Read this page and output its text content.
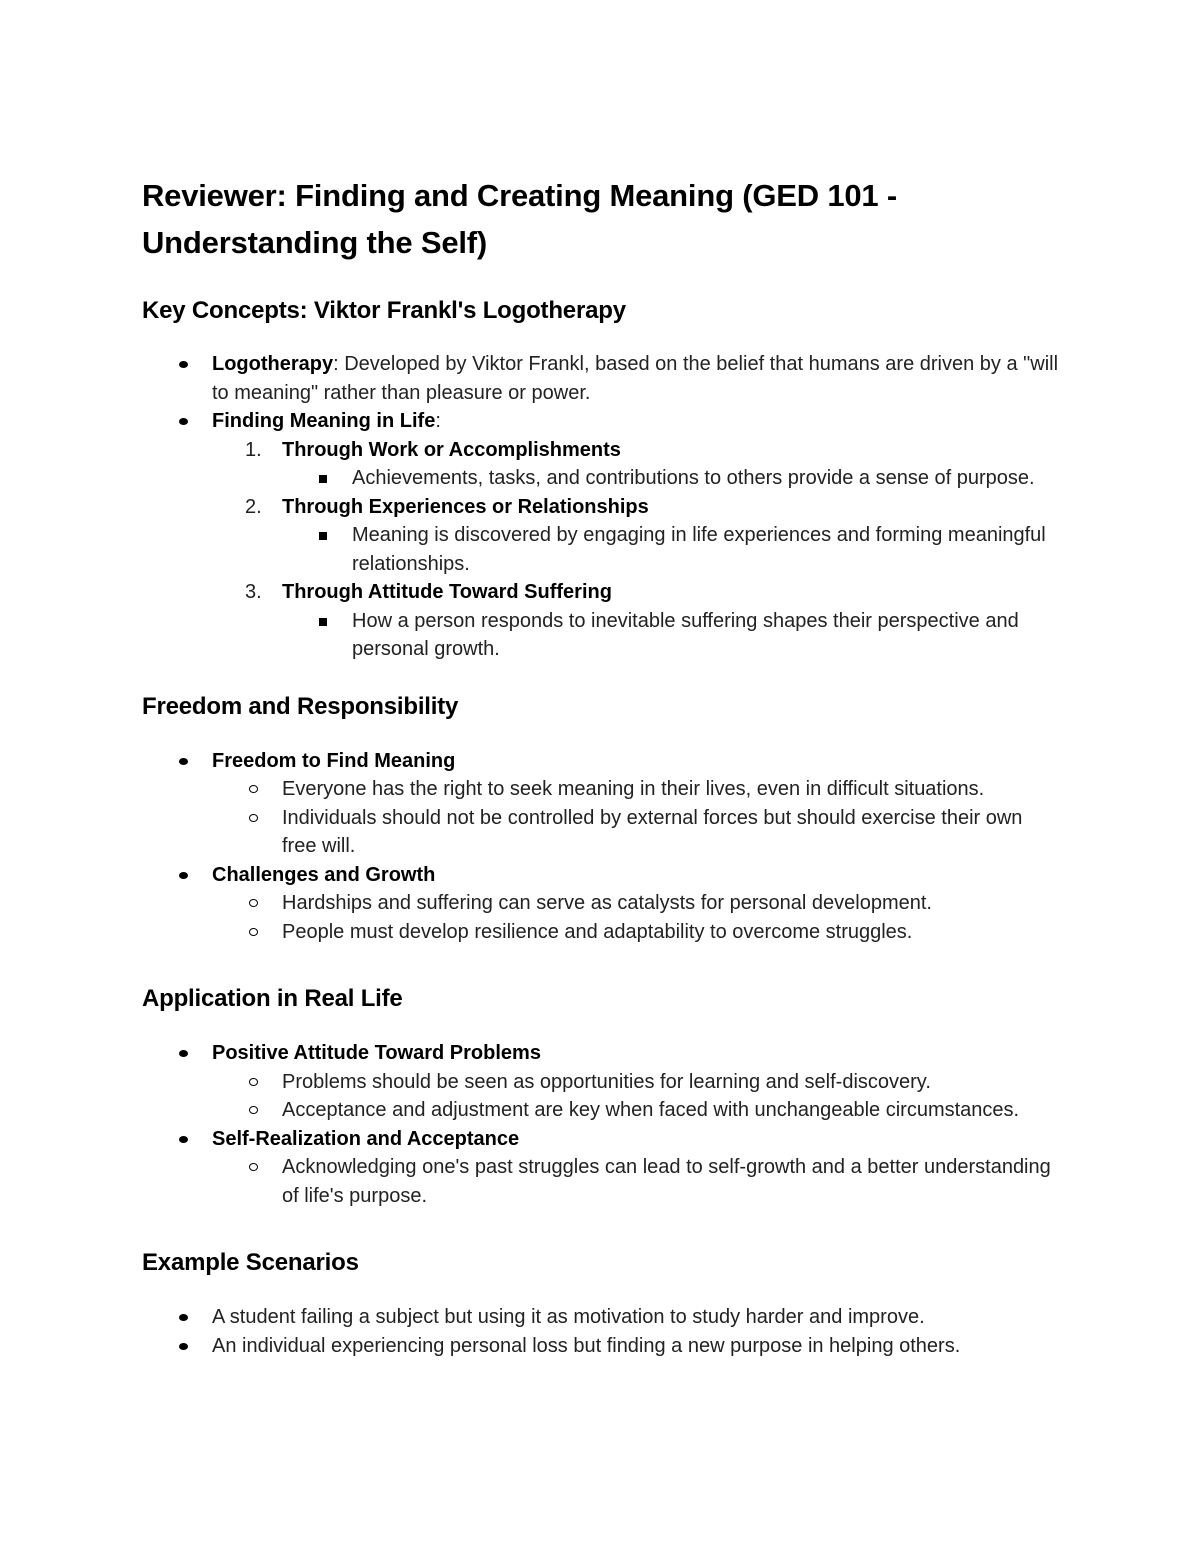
Reviewer: Finding and Creating Meaning (GED 101 - Understanding the Self)
Key Concepts: Viktor Frankl's Logotherapy
Logotherapy: Developed by Viktor Frankl, based on the belief that humans are driven by a "will to meaning" rather than pleasure or power.
Finding Meaning in Life:
1. Through Work or Accomplishments
Achievements, tasks, and contributions to others provide a sense of purpose.
2. Through Experiences or Relationships
Meaning is discovered by engaging in life experiences and forming meaningful relationships.
3. Through Attitude Toward Suffering
How a person responds to inevitable suffering shapes their perspective and personal growth.
Freedom and Responsibility
Freedom to Find Meaning
Everyone has the right to seek meaning in their lives, even in difficult situations.
Individuals should not be controlled by external forces but should exercise their own free will.
Challenges and Growth
Hardships and suffering can serve as catalysts for personal development.
People must develop resilience and adaptability to overcome struggles.
Application in Real Life
Positive Attitude Toward Problems
Problems should be seen as opportunities for learning and self-discovery.
Acceptance and adjustment are key when faced with unchangeable circumstances.
Self-Realization and Acceptance
Acknowledging one's past struggles can lead to self-growth and a better understanding of life's purpose.
Example Scenarios
A student failing a subject but using it as motivation to study harder and improve.
An individual experiencing personal loss but finding a new purpose in helping others.
